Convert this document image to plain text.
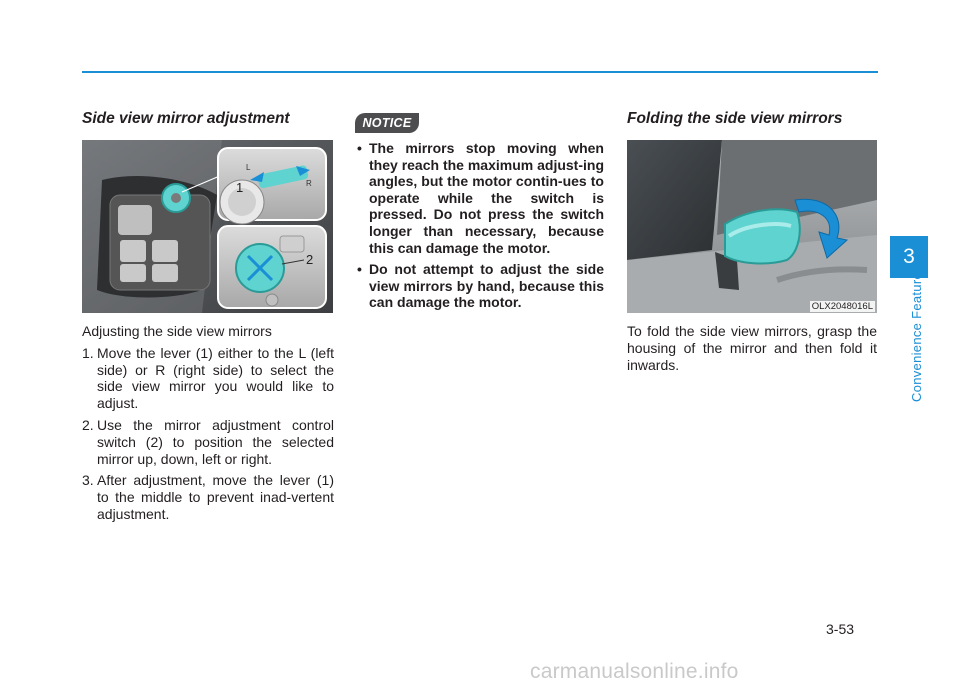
Side view mirror adjustment
1
2
L
R

Adjusting the side view mirrors

1. Move the lever (1) either to the L (left side) or R (right side) to select the side view mirror you would like to adjust.
2. Use the mirror adjustment control switch (2) to position the selected mirror up, down, left or right.
3. After adjustment, move the lever (1) to the middle to prevent inad-vertent adjustment.
NOTICE
• The mirrors stop moving when they reach the maximum adjust-ing angles, but the motor contin-ues to operate while the switch is pressed. Do not press the switch longer than necessary, because this can damage the motor.
• Do not attempt to adjust the side view mirrors by hand, because this can damage the motor.
Folding the side view mirrors
OLX2048016L
To fold the side view mirrors, grasp the housing of the mirror and then fold it inwards.
3
Convenience Features
3-53
carmanualsonline.info
